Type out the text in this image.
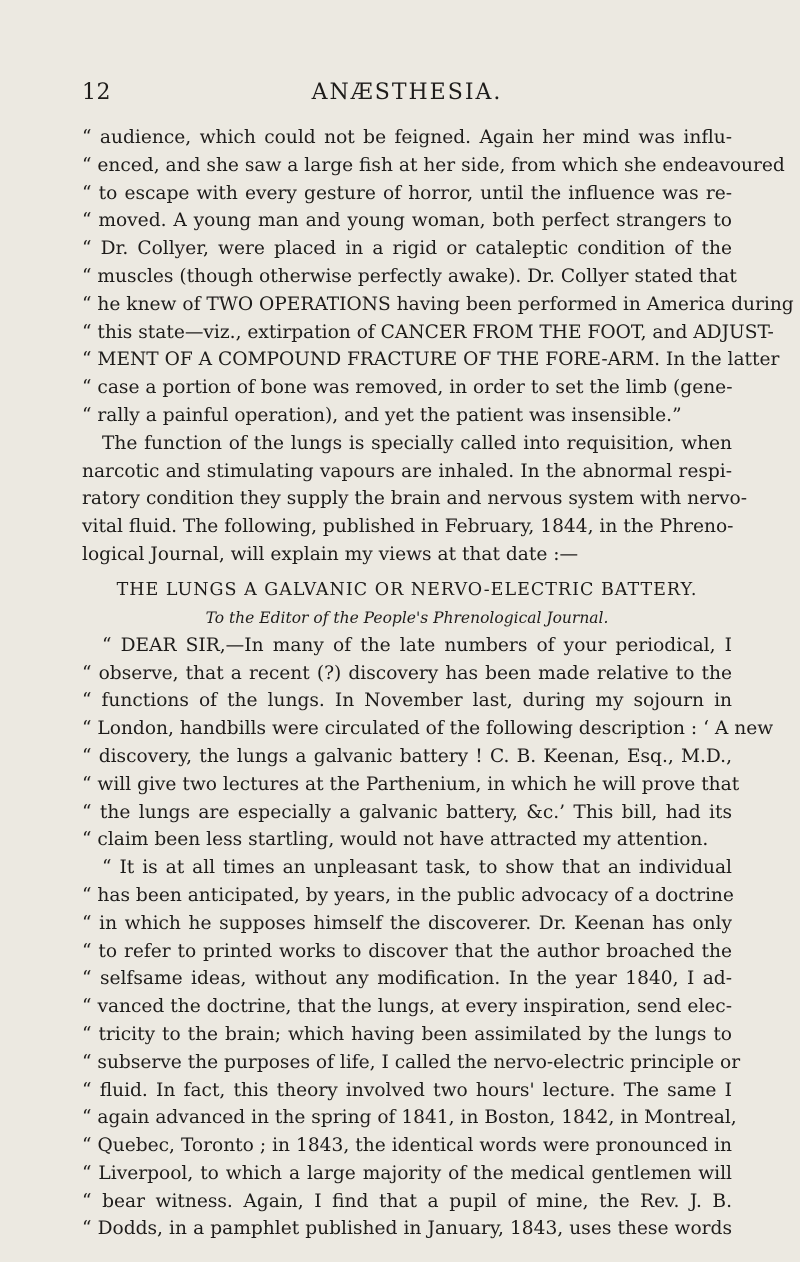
12	ANÆSTHESIA.
“ audience, which could not be feigned. Again her mind was influ-
“ enced, and she saw a large fish at her side, from which she endeavoured
“ to escape with every gesture of horror, until the influence was re-
“ moved. A young man and young woman, both perfect strangers to
“ Dr. Collyer, were placed in a rigid or cataleptic condition of the
“ muscles (though otherwise perfectly awake). Dr. Collyer stated that
“ he knew of TWO OPERATIONS having been performed in America during
“ this state—viz., extirpation of CANCER FROM THE FOOT, and ADJUST-
“ MENT OF A COMPOUND FRACTURE OF THE FORE-ARM. In the latter
“ case a portion of bone was removed, in order to set the limb (gene-
“ rally a painful operation), and yet the patient was insensible.”
The function of the lungs is specially called into requisition, when
narcotic and stimulating vapours are inhaled. In the abnormal respi-
ratory condition they supply the brain and nervous system with nervo-
vital fluid. The following, published in February, 1844, in the Phreno-
logical Journal, will explain my views at that date :—
THE LUNGS A GALVANIC OR NERVO-ELECTRIC BATTERY.
To the Editor of the People's Phrenological Journal.
“ DEAR SIR,—In many of the late numbers of your periodical, I
“ observe, that a recent (?) discovery has been made relative to the
“ functions of the lungs. In November last, during my sojourn in
“ London, handbills were circulated of the following description : ‘ A new
“ discovery, the lungs a galvanic battery ! C. B. Keenan, Esq., M.D.,
“ will give two lectures at the Parthenium, in which he will prove that
“ the lungs are especially a galvanic battery, &c.’ This bill, had its
“ claim been less startling, would not have attracted my attention.
“ It is at all times an unpleasant task, to show that an individual
“ has been anticipated, by years, in the public advocacy of a doctrine
“ in which he supposes himself the discoverer. Dr. Keenan has only
“ to refer to printed works to discover that the author broached the
“ selfsame ideas, without any modification. In the year 1840, I ad-
“ vanced the doctrine, that the lungs, at every inspiration, send elec-
“ tricity to the brain; which having been assimilated by the lungs to
“ subserve the purposes of life, I called the nervo-electric principle or
“ fluid. In fact, this theory involved two hours' lecture. The same I
“ again advanced in the spring of 1841, in Boston, 1842, in Montreal,
“ Quebec, Toronto ; in 1843, the identical words were pronounced in
“ Liverpool, to which a large majority of the medical gentlemen will
“ bear witness. Again, I find that a pupil of mine, the Rev. J. B.
“ Dodds, in a pamphlet published in January, 1843, uses these words
